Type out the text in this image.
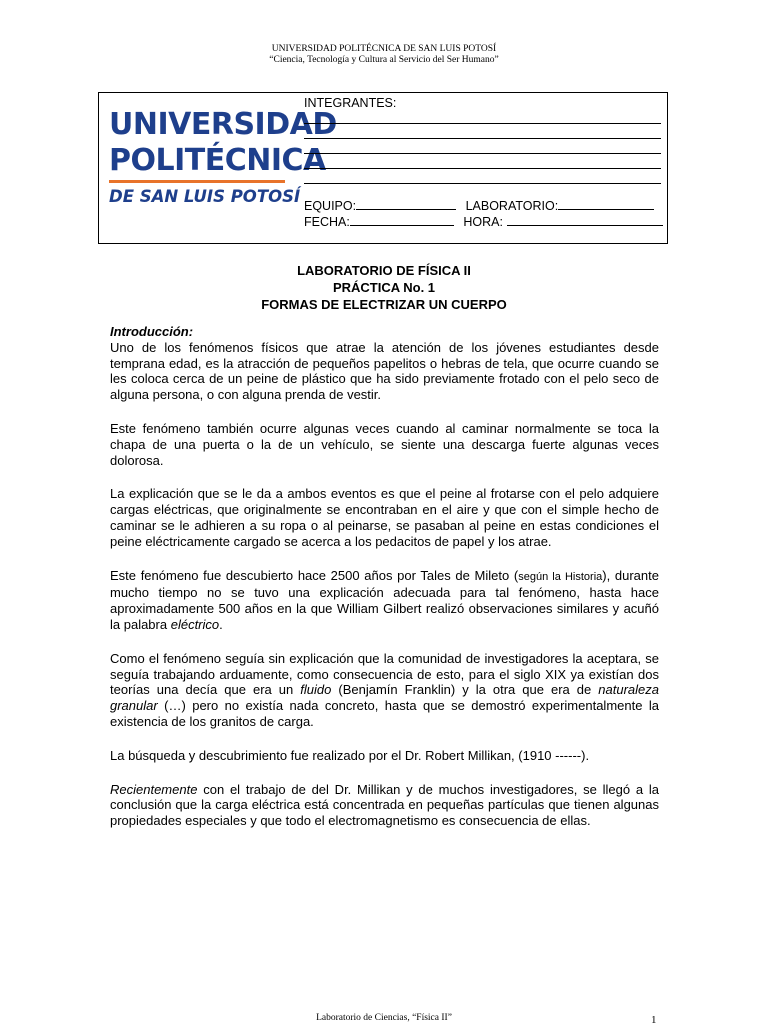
UNIVERSIDAD POLITÉCNICA DE SAN LUIS POTOSÍ
“Ciencia, Tecnología y Cultura al Servicio del Ser Humano”
UNIVERSIDAD
POLITÉCNICA
DE SAN LUIS POTOSÍ
INTEGRANTES:
EQUIPO:	LABORATORIO:
FECHA:	HORA:
LABORATORIO DE FÍSICA II
PRÁCTICA No. 1
FORMAS DE ELECTRIZAR UN CUERPO

Introducción:

Uno de los fenómenos físicos que atrae la atención de los jóvenes estudiantes desde temprana edad, es la atracción de pequeños papelitos o hebras de tela, que ocurre cuando se les coloca cerca de un peine de plástico que ha sido previamente frotado con el pelo seco de alguna persona, o con alguna prenda de vestir.

Este fenómeno también ocurre algunas veces cuando al caminar normalmente se toca la chapa de una puerta o la de un vehículo, se siente una descarga fuerte algunas veces dolorosa.

La explicación que se le da a ambos eventos es que el peine al frotarse con el pelo adquiere cargas eléctricas, que originalmente se encontraban en el aire y que con el simple hecho de caminar se le adhieren a su ropa o al peinarse, se pasaban al peine en estas condiciones el peine eléctricamente cargado se acerca a los pedacitos de papel y los atrae.

Este fenómeno fue descubierto hace 2500 años por Tales de Mileto (según la Historia), durante mucho tiempo no se tuvo una explicación adecuada para tal fenómeno, hasta hace aproximadamente 500 años en la que William Gilbert realizó observaciones similares y acuñó la palabra eléctrico.

Como el fenómeno seguía sin explicación que la comunidad de investigadores la aceptara, se seguía trabajando arduamente, como consecuencia de esto, para el siglo XIX ya existían dos teorías una decía que era un fluido (Benjamín Franklin) y la otra que era de naturaleza granular (…) pero no existía nada concreto, hasta que se demostró experimentalmente la existencia de los granitos de carga.

La búsqueda y descubrimiento fue realizado por el Dr. Robert Millikan, (1910 ------).

Recientemente con el trabajo de del Dr. Millikan y de muchos investigadores, se llegó a la conclusión que la carga eléctrica está concentrada en pequeñas partículas que tienen algunas propiedades especiales y que todo el electromagnetismo es consecuencia de ellas.

Laboratorio de Ciencias, “Física II”	1
